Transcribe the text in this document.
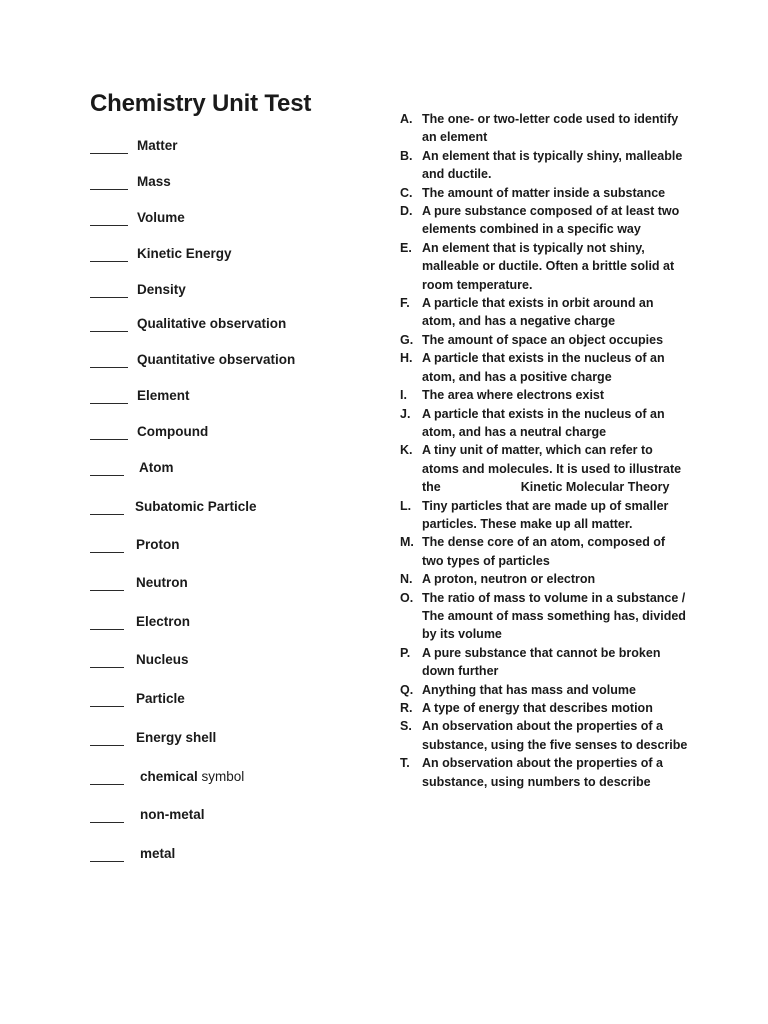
Chemistry Unit Test
Matter
Mass
Volume
Kinetic Energy
Density
Qualitative observation
Quantitative observation
Element
Compound
Atom
Subatomic Particle
Proton
Neutron
Electron
Nucleus
Particle
Energy shell
chemical symbol
non-metal
metal
A. The one- or two-letter code used to identify an element
B. An element that is typically shiny, malleable and ductile.
C. The amount of matter inside a substance
D. A pure substance composed of at least two elements combined in a specific way
E. An element that is typically not shiny, malleable or ductile. Often a brittle solid at room temperature.
F. A particle that exists in orbit around an atom, and has a negative charge
G. The amount of space an object occupies
H. A particle that exists in the nucleus of an atom, and has a positive charge
I.	The area where electrons exist
J. A particle that exists in the nucleus of an atom, and has a neutral charge
K. A tiny unit of matter, which can refer to atoms and molecules. It is used to illustrate the	Kinetic Molecular Theory
L. Tiny particles that are made up of smaller particles. These make up all matter.
M. The dense core of an atom, composed of two types of particles
N. A proton, neutron or electron
O. The ratio of mass to volume in a substance / The amount of mass something has, divided by its volume
P. A pure substance that cannot be broken down further
Q. Anything that has mass and volume
R. A type of energy that describes motion
S. An observation about the properties of a substance, using the five senses to describe
T. An observation about the properties of a substance, using numbers to describe
